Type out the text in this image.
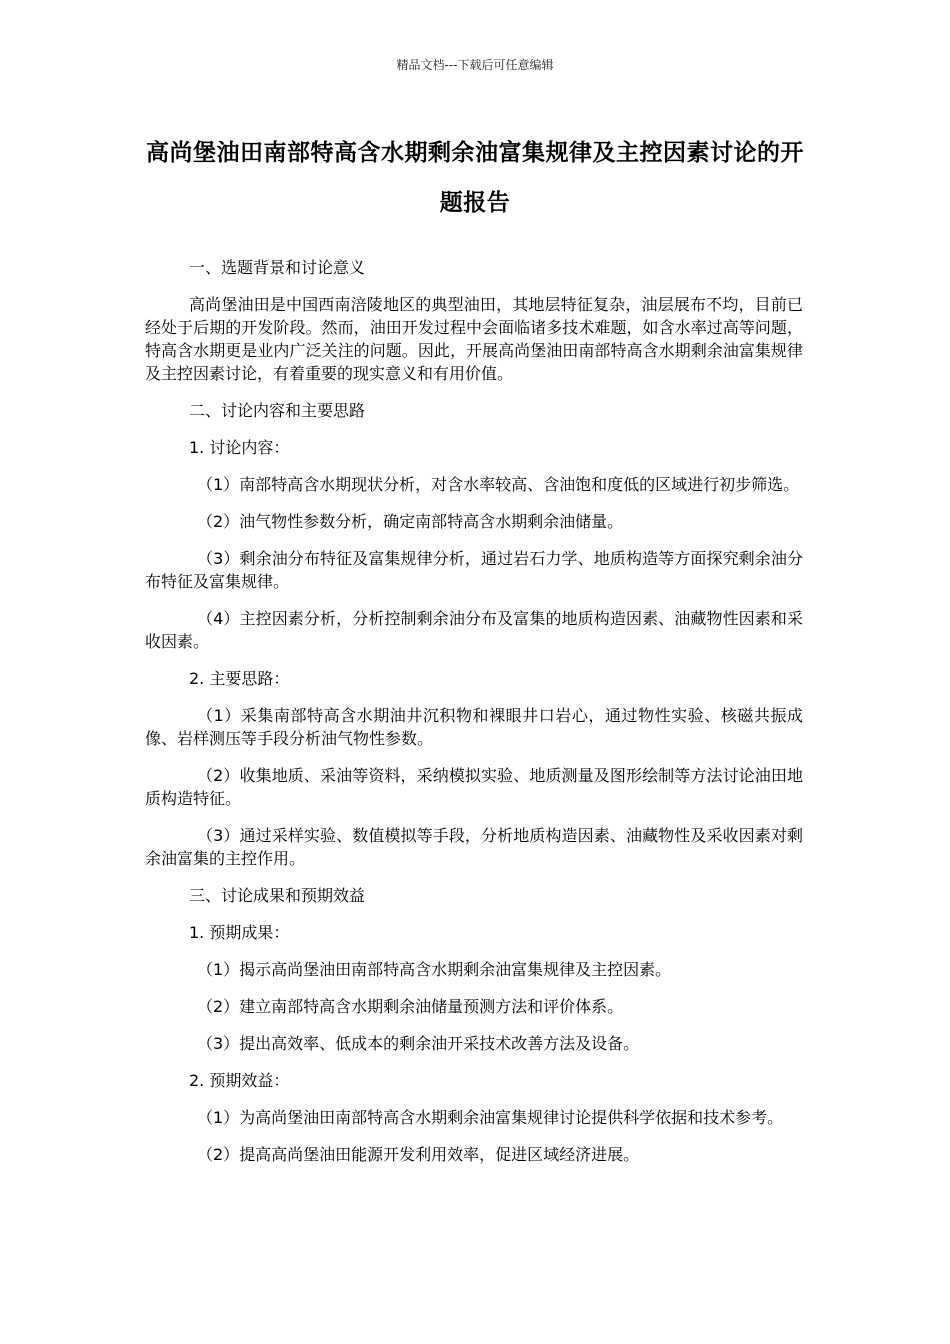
精品文档---下载后可任意编辑
高尚堡油田南部特高含水期剩余油富集规律及主控因素讨论的开题报告

一、选题背景和讨论意义

高尚堡油田是中国西南涪陵地区的典型油田，其地层特征复杂，油层展布不均，目前已经处于后期的开发阶段。然而，油田开发过程中会面临诸多技术难题，如含水率过高等问题，特高含水期更是业内广泛关注的问题。因此，开展高尚堡油田南部特高含水期剩余油富集规律及主控因素讨论，有着重要的现实意义和有用价值。

二、讨论内容和主要思路

1. 讨论内容：

（1）南部特高含水期现状分析，对含水率较高、含油饱和度低的区域进行初步筛选。

（2）油气物性参数分析，确定南部特高含水期剩余油储量。

（3）剩余油分布特征及富集规律分析，通过岩石力学、地质构造等方面探究剩余油分布特征及富集规律。

（4）主控因素分析，分析控制剩余油分布及富集的地质构造因素、油藏物性因素和采收因素。

2. 主要思路：

（1）采集南部特高含水期油井沉积物和裸眼井口岩心，通过物性实验、核磁共振成像、岩样测压等手段分析油气物性参数。

（2）收集地质、采油等资料，采纳模拟实验、地质测量及图形绘制等方法讨论油田地质构造特征。

（3）通过采样实验、数值模拟等手段，分析地质构造因素、油藏物性及采收因素对剩余油富集的主控作用。

三、讨论成果和预期效益

1. 预期成果：

（1）揭示高尚堡油田南部特高含水期剩余油富集规律及主控因素。

（2）建立南部特高含水期剩余油储量预测方法和评价体系。

（3）提出高效率、低成本的剩余油开采技术改善方法及设备。

2. 预期效益：

（1）为高尚堡油田南部特高含水期剩余油富集规律讨论提供科学依据和技术参考。

（2）提高高尚堡油田能源开发利用效率，促进区域经济进展。
